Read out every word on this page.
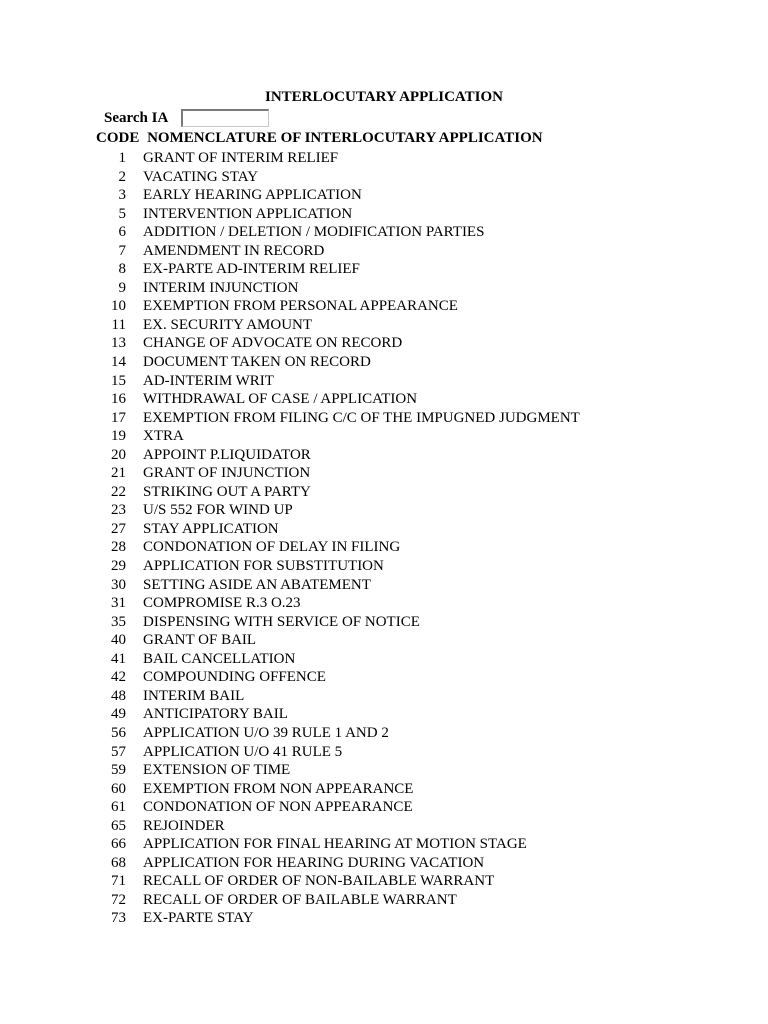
INTERLOCUTARY APPLICATION
Search IA
CODE NOMENCLATURE OF INTERLOCUTARY APPLICATION
1 GRANT OF INTERIM RELIEF
2 VACATING STAY
3 EARLY HEARING APPLICATION
5 INTERVENTION APPLICATION
6 ADDITION / DELETION / MODIFICATION PARTIES
7 AMENDMENT IN RECORD
8 EX-PARTE AD-INTERIM RELIEF
9 INTERIM INJUNCTION
10 EXEMPTION FROM PERSONAL APPEARANCE
11 EX. SECURITY AMOUNT
13 CHANGE OF ADVOCATE ON RECORD
14 DOCUMENT TAKEN ON RECORD
15 AD-INTERIM WRIT
16 WITHDRAWAL OF CASE / APPLICATION
17 EXEMPTION FROM FILING C/C OF THE IMPUGNED JUDGMENT
19 XTRA
20 APPOINT P.LIQUIDATOR
21 GRANT OF INJUNCTION
22 STRIKING OUT A PARTY
23 U/S 552 FOR WIND UP
27 STAY APPLICATION
28 CONDONATION OF DELAY IN FILING
29 APPLICATION FOR SUBSTITUTION
30 SETTING ASIDE AN ABATEMENT
31 COMPROMISE R.3 O.23
35 DISPENSING WITH SERVICE OF NOTICE
40 GRANT OF BAIL
41 BAIL CANCELLATION
42 COMPOUNDING OFFENCE
48 INTERIM BAIL
49 ANTICIPATORY BAIL
56 APPLICATION U/O 39 RULE 1 AND 2
57 APPLICATION U/O 41 RULE 5
59 EXTENSION OF TIME
60 EXEMPTION FROM NON APPEARANCE
61 CONDONATION OF NON APPEARANCE
65 REJOINDER
66 APPLICATION FOR FINAL HEARING AT MOTION STAGE
68 APPLICATION FOR HEARING DURING VACATION
71 RECALL OF ORDER OF NON-BAILABLE WARRANT
72 RECALL OF ORDER OF BAILABLE WARRANT
73 EX-PARTE STAY
